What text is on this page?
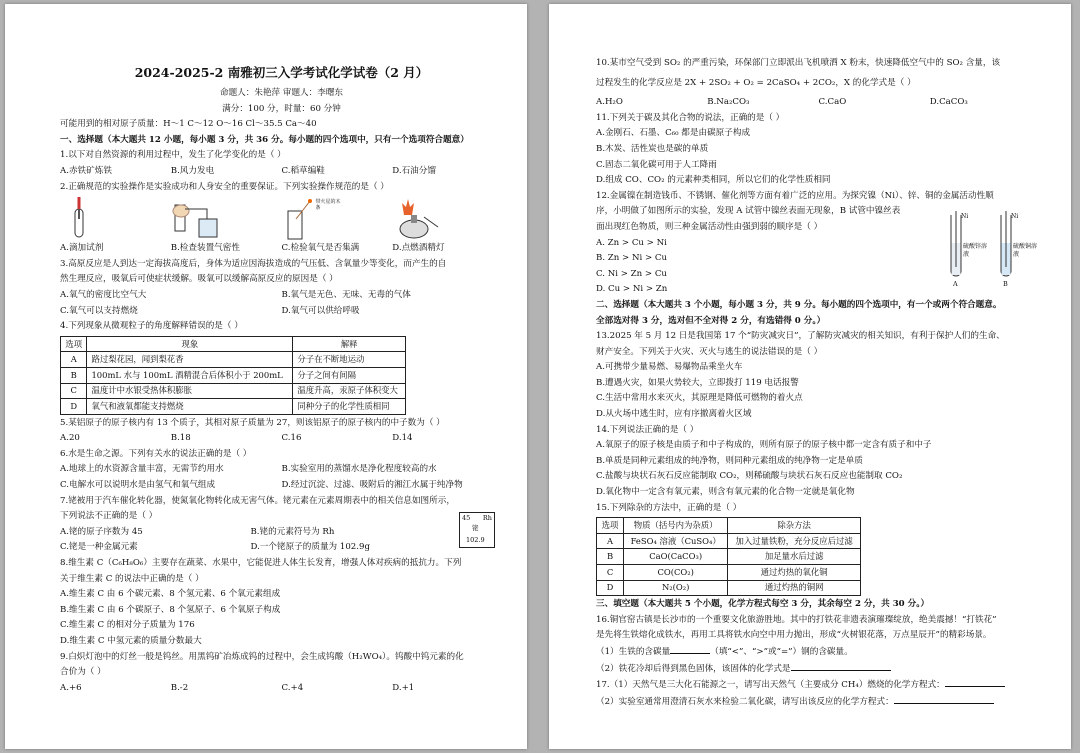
2024-2025-2 南雅初三入学考试化学试卷（2 月）
命题人：朱艳萍 审题人：李曙东
满分：100 分，时量：60 分钟
可能用到的相对原子质量：H～1 C～12 O～16 Cl～35.5 Ca～40
一、选择题（本大题共 12 小题，每小题 3 分，共 36 分。每小题的四个选项中，只有一个选项符合题意）
1.以下对自然资源的利用过程中，发生了化学变化的是（ ）
A.赤铁矿炼铁	B.风力发电	C.稻草编鞋	D.石油分馏
2.正确规范的实验操作是实验成功和人身安全的重要保证。下列实验操作规范的是（ ）
带火星的木条
A.滴加试剂	B.检查装置气密性	C.检验氧气是否集满	D.点燃酒精灯
3.高原反应是人到达一定海拔高度后，身体为适应因海拔造成的气压低、含氧量少等变化，而产生的自
然生理反应，吸氧后可使症状缓解。吸氧可以缓解高原反应的原因是（ ）
A.氧气的密度比空气大	B.氧气是无色、无味、无毒的气体
C.氧气可以支持燃烧	D.氧气可以供给呼吸
4.下列现象从微观粒子的角度解释错误的是（ ）
选项	现象	解释
A	路过梨花园，闻到梨花香	分子在不断地运动
B	100mL 水与 100mL 酒精混合后体积小于 200mL	分子之间有间隔
C	温度计中水银受热体积膨胀	温度升高，汞原子体积变大
D	氧气和液氧都能支持燃烧	同种分子的化学性质相同
5.某铝原子的原子核内有 13 个质子，其相对原子质量为 27，则该铝原子的原子核内的中子数为（ ）
A.20	B.18	C.16	D.14
6.水是生命之源。下列有关水的说法正确的是（ ）
A.地球上的水资源含量丰富，无需节约用水	B.实验室用的蒸馏水是净化程度较高的水
C.电解水可以说明水是由氢气和氧气组成	D.经过沉淀、过滤、吸附后的湘江水属于纯净物
7.铑被用于汽车催化转化器，使氮氧化物转化成无害气体。铑元素在元素周期表中的相关信息如图所示，
下列说法不正确的是（ ）
A.铑的原子序数为 45	B.铑的元素符号为 Rh
C.铑是一种金属元素	D.一个铑原子的质量为 102.9g
45 Rh
铑
102.9
8.维生素 C（C₆H₈O₆）主要存在蔬菜、水果中，它能促进人体生长发育，增强人体对疾病的抵抗力。下列
关于维生素 C 的说法中正确的是（ ）
A.维生素 C 由 6 个碳元素、8 个氢元素、6 个氧元素组成
B.维生素 C 由 6 个碳原子、8 个氢原子、6 个氧原子构成
C.维生素 C 的相对分子质量为 176
D.维生素 C 中氢元素的质量分数最大
9.白炽灯泡中的灯丝一般是钨丝。用黑钨矿冶炼成钨的过程中，会生成钨酸（H₂WO₄）。钨酸中钨元素的化
合价为（ ）
A.+6	B.-2	C.+4	D.+1
10.某市空气受到 SO₂ 的严重污染，环保部门立即派出飞机喷洒 X 粉末，快速降低空气中的 SO₂ 含量，该
过程发生的化学反应是 2X + 2SO₂ + O₂ = 2CaSO₄ + 2CO₂，X 的化学式是（ ）
A.H₂O	B.Na₂CO₃	C.CaO	D.CaCO₃
11.下列关于碳及其化合物的说法，正确的是（ ）
A.金刚石、石墨、C₆₀ 都是由碳原子构成
B.木炭、活性炭也是碳的单质
C.固态二氧化碳可用于人工降雨
D.组成 CO、CO₂ 的元素种类相同，所以它们的化学性质相同
12.金属镍在制造钱币、不锈钢、催化剂等方面有着广泛的应用。为探究镍（Ni）、锌、铜的金属活动性顺
序，小明做了如图所示的实验，发现 A 试管中镍丝表面无现象，B 试管中镍丝表
面出现红色物质，则三种金属活动性由强到弱的顺序是（ ）
A. Zn > Cu > Ni
B. Zn > Ni > Cu
C. Ni > Zn > Cu
D. Cu > Ni > Zn
Ni	Ni
硫酸锌溶液
硫酸铜溶液
A	B
二、选择题（本大题共 3 个小题，每小题 3 分，共 9 分。每小题的四个选项中，有一个或两个符合题意。
全部选对得 3 分，选对但不全对得 2 分，有选错得 0 分。）
13.2025 年 5 月 12 日是我国第 17 个“防灾减灾日”，了解防灾减灾的相关知识，有利于保护人们的生命、
财产安全。下列关于火灾、灭火与逃生的说法错误的是（ ）
A.可携带少量易燃、易爆物品乘坐火车
B.遭遇火灾，如果火势较大，立即拨打 119 电话报警
C.生活中常用水来灭火，其原理是降低可燃物的着火点
D.从火场中逃生时，应有序撤离着火区域
14.下列说法正确的是（ ）
A.氧原子的原子核是由质子和中子构成的，则所有原子的原子核中都一定含有质子和中子
B.单质是同种元素组成的纯净物，则同种元素组成的纯净物一定是单质
C.盐酸与块状石灰石反应能制取 CO₂，则稀硫酸与块状石灰石反应也能制取 CO₂
D.氧化物中一定含有氧元素，则含有氧元素的化合物一定就是氧化物
15.下列除杂的方法中，正确的是（ ）
选项	物质（括号内为杂质）	除杂方法
A	FeSO₄ 溶液（CuSO₄）	加入过量铁粉，充分反应后过滤
B	CaO(CaCO₃)	加足量水后过滤
C	CO(CO₂)	通过灼热的氧化铜
D	N₂(O₂)	通过灼热的铜网
三、填空题（本大题共 5 个小题，化学方程式每空 3 分，其余每空 2 分，共 30 分。）
16.铜官窑古镇是长沙市的一个重要文化旅游胜地。其中的打铁花非遗表演璀璨绽放，绝美震撼！“打铁花”
是先将生铁熔化成铁水，再用工具将铁水向空中用力抛出，形成“火树银花落，万点星辰开”的精彩场景。
（1）生铁的含碳量	（填“<”、“>”或“=”）钢的含碳量。
（2）铁花冷却后得到黑色固体，该固体的化学式是
17.（1）天然气是三大化石能源之一，请写出天然气（主要成分 CH₄）燃烧的化学方程式：
（2）实验室通常用澄清石灰水来检验二氧化碳，请写出该反应的化学方程式：
